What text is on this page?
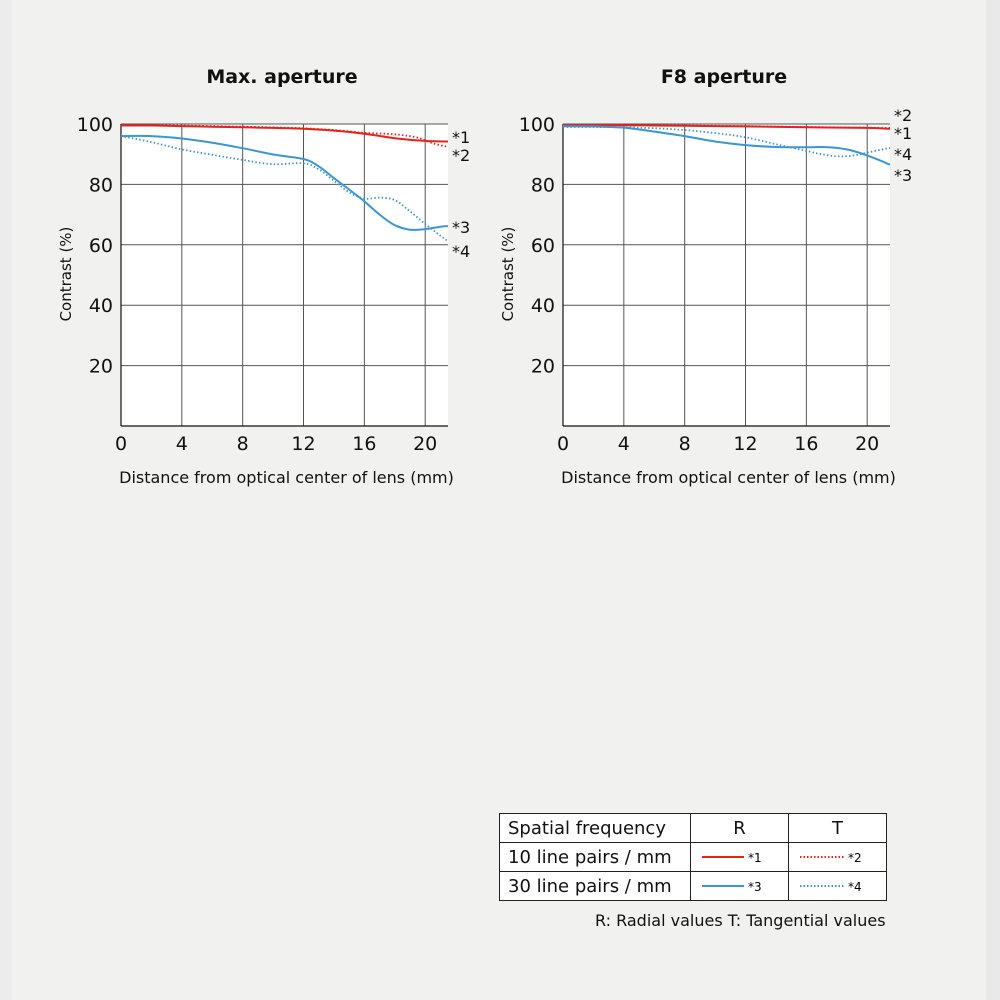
Max. aperture
20
40
60
80
100
0	4	8 12 16 20
Distance from optical center of lens (mm)
Contrast (%)
*1
*2
*3
*4
F8 aperture
20
40
60
80
100
0	4	8 12 16 20
Distance from optical center of lens (mm)
Contrast (%)
*2
*1
*4
*3
Spatial frequency	R	T
10 line pairs / mm	*1	*2

30 line pairs / mm	*3	*4
R: Radial values T: Tangential values
